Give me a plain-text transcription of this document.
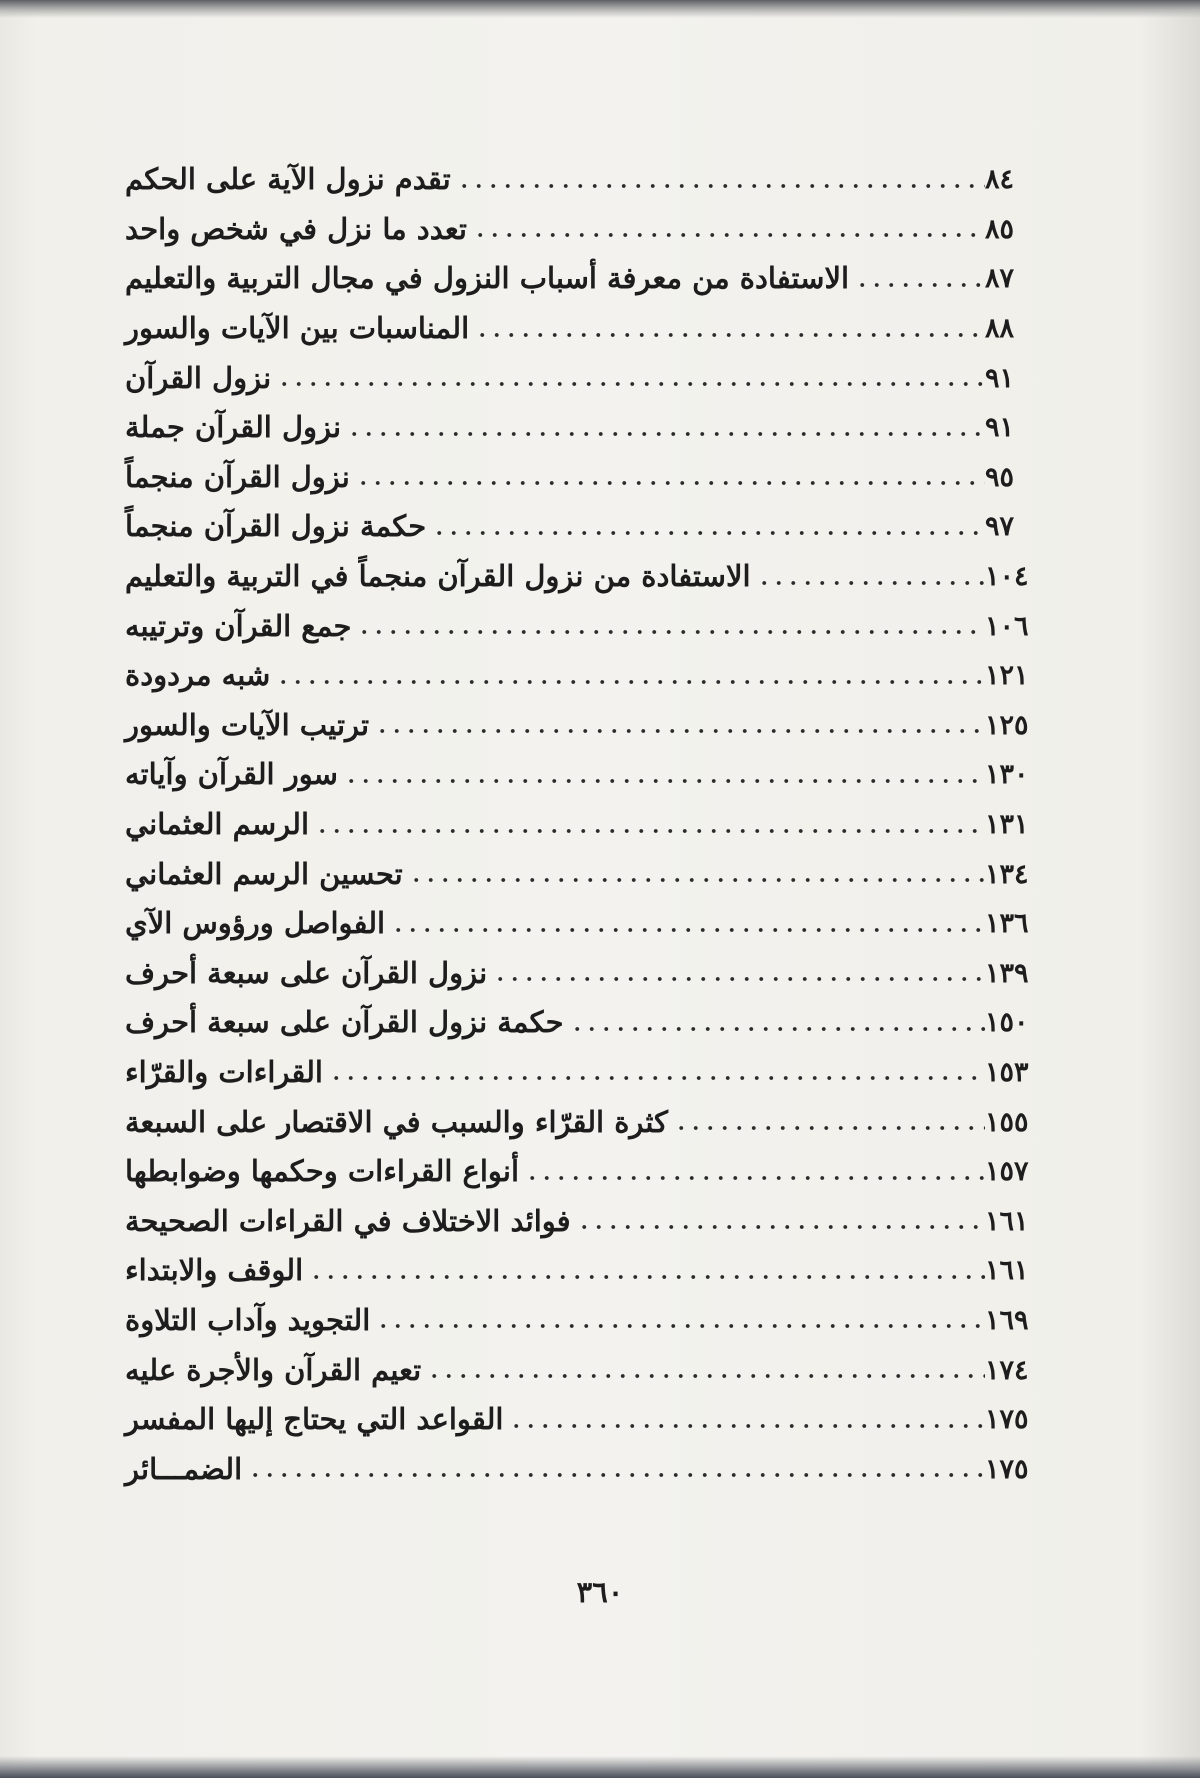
تقدم نزول الآية على الحكم	٨٤
تعدد ما نزل في شخص واحد	٨٥
الاستفادة من معرفة أسباب النزول في مجال التربية والتعليم	٨٧
المناسبات بين الآيات والسور	٨٨
نزول القرآن	٩١
نزول القرآن جملة	٩١
نزول القرآن منجماً	٩٥
حكمة نزول القرآن منجماً	٩٧
الاستفادة من نزول القرآن منجماً في التربية والتعليم	١٠٤
جمع القرآن وترتيبه	١٠٦
شبه مردودة	١٢١
ترتيب الآيات والسور	١٢٥
سور القرآن وآياته	١٣٠
الرسم العثماني	١٣١
تحسين الرسم العثماني	١٣٤
الفواصل ورؤوس الآي	١٣٦
نزول القرآن على سبعة أحرف	١٣٩
حكمة نزول القرآن على سبعة أحرف	١٥٠
القراءات والقرّاء	١٥٣
كثرة القرّاء والسبب في الاقتصار على السبعة	١٥٥
أنواع القراءات وحكمها وضوابطها	١٥٧
فوائد الاختلاف في القراءات الصحيحة	١٦١
الوقف والابتداء	١٦١
التجويد وآداب التلاوة	١٦٩
تعيم القرآن والأجرة عليه	١٧٤
القواعد التي يحتاج إليها المفسر	١٧٥
الضمـــائر	١٧٥
٣٦٠
